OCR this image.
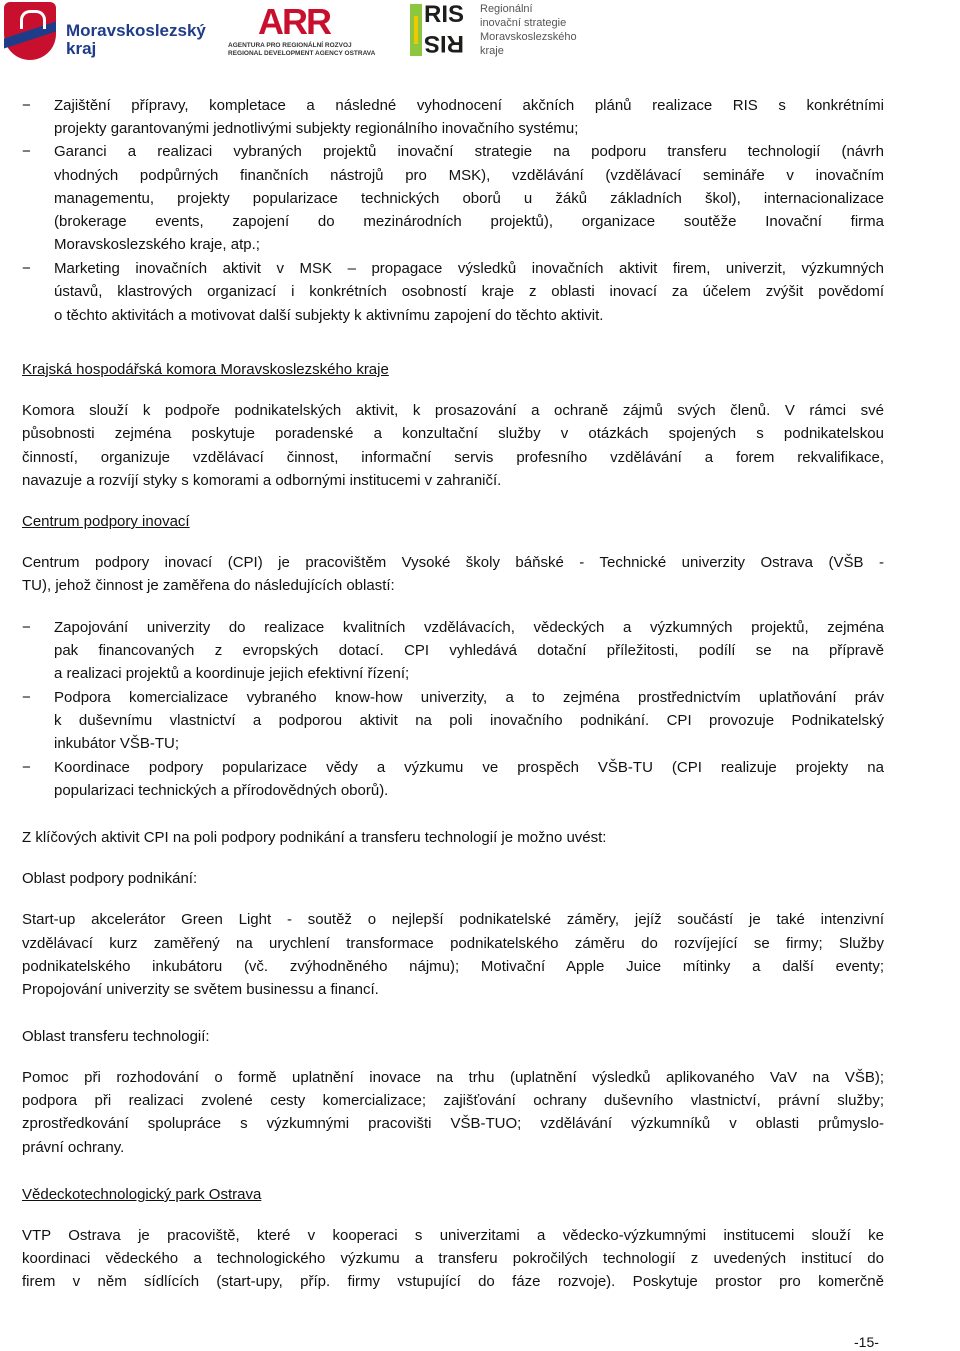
Moravskoslezský
kraj
ARR
AGENTURA PRO REGIONÁLNÍ ROZVOJ
REGIONAL DEVELOPMENT AGENCY OSTRAVA
RIS
RIS
Regionální
inovační strategie
Moravskoslezského
kraje
−	Zajištění přípravy, kompletace a následné vyhodnocení akčních plánů realizace RIS s konkrétními
projekty garantovanými jednotlivými subjekty regionálního inovačního systému;
−	Garanci a realizaci vybraných projektů inovační strategie na podporu transferu technologií (návrh
vhodných podpůrných finančních nástrojů pro MSK), vzdělávání (vzdělávací semináře v inovačním
managementu, projekty popularizace technických oborů u žáků základních škol), internacionalizace
(brokerage events, zapojení do mezinárodních projektů), organizace soutěže Inovační firma
Moravskoslezského kraje, atp.;
−	Marketing inovačních aktivit v MSK – propagace výsledků inovačních aktivit firem, univerzit, výzkumných
ústavů, klastrových organizací i konkrétních osobností kraje z oblasti inovací za účelem zvýšit povědomí
o těchto aktivitách a motivovat další subjekty k aktivnímu zapojení do těchto aktivit.
Krajská hospodářská komora Moravskoslezského kraje
Komora slouží k podpoře podnikatelských aktivit, k prosazování a ochraně zájmů svých členů. V rámci své
působnosti zejména poskytuje poradenské a konzultační služby v otázkách spojených s podnikatelskou
činností, organizuje vzdělávací činnost, informační servis profesního vzdělávání a forem rekvalifikace,
navazuje a rozvíjí styky s komorami a odbornými institucemi v zahraničí.
Centrum podpory inovací
Centrum podpory inovací (CPI) je pracovištěm Vysoké školy báňské - Technické univerzity Ostrava (VŠB -
TU), jehož činnost je zaměřena do následujících oblastí:
−	Zapojování univerzity do realizace kvalitních vzdělávacích, vědeckých a výzkumných projektů, zejména
pak financovaných z evropských dotací. CPI vyhledává dotační příležitosti, podílí se na přípravě
a realizaci projektů a koordinuje jejich efektivní řízení;
−	Podpora komercializace vybraného know-how univerzity, a to zejména prostřednictvím uplatňování práv
k duševnímu vlastnictví a podporou aktivit na poli inovačního podnikání. CPI provozuje Podnikatelský
inkubátor VŠB-TU;
−	Koordinace podpory popularizace vědy a výzkumu ve prospěch VŠB-TU (CPI realizuje projekty na
popularizaci technických a přírodovědných oborů).
Z klíčových aktivit CPI na poli podpory podnikání a transferu technologií je možno uvést:
Oblast podpory podnikání:
Start-up akcelerátor Green Light - soutěž o nejlepší podnikatelské záměry, jejíž součástí je také intenzivní
vzdělávací kurz zaměřený na urychlení transformace podnikatelského záměru do rozvíjející se firmy; Služby
podnikatelského inkubátoru (vč. zvýhodněného nájmu); Motivační Apple Juice mítinky a další eventy;
Propojování univerzity se světem businessu a financí.
Oblast transferu technologií:
Pomoc při rozhodování o formě uplatnění inovace na trhu (uplatnění výsledků aplikovaného VaV na VŠB);
podpora při realizaci zvolené cesty komercializace; zajišťování ochrany duševního vlastnictví, právní služby;
zprostředkování spolupráce s výzkumnými pracovišti VŠB-TUO; vzdělávání výzkumníků v oblasti průmyslo-
právní ochrany.
Vědeckotechnologický park Ostrava
VTP Ostrava je pracoviště, které v kooperaci s univerzitami a vědecko-výzkumnými institucemi slouží ke
koordinaci vědeckého a technologického výzkumu a transferu pokročilých technologií z uvedených institucí do
firem v něm sídlících (start-upy, příp. firmy vstupující do fáze rozvoje). Poskytuje prostor pro komerčně
-15-
